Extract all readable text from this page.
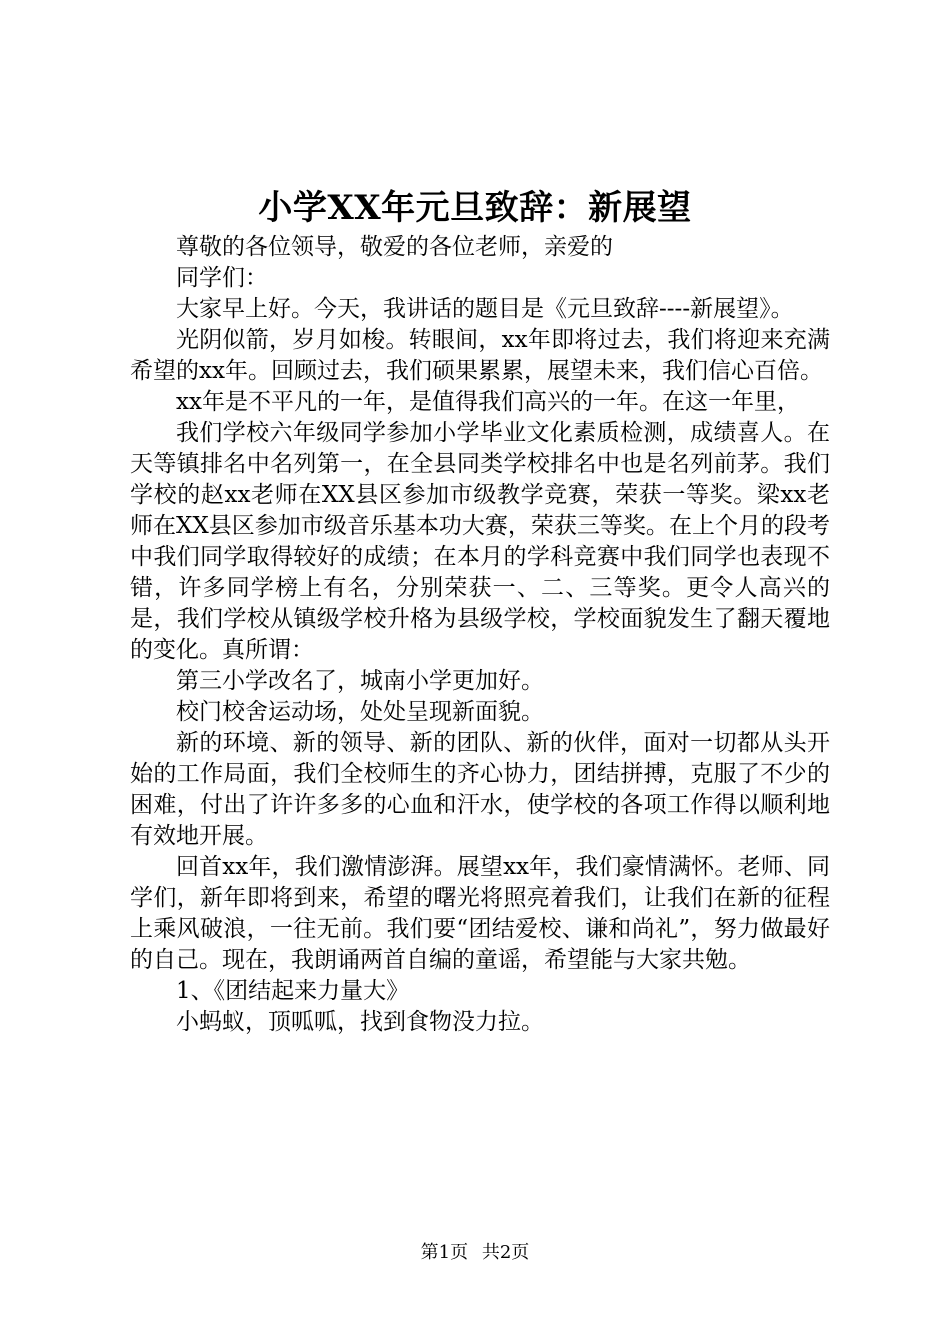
小学XX年元旦致辞：新展望

尊敬的各位领导，敬爱的各位老师，亲爱的

同学们：

大家早上好。今天，我讲话的题目是《元旦致辞----新展望》。

光阴似箭，岁月如梭。转眼间，xx年即将过去，我们将迎来充满希望的xx年。回顾过去，我们硕果累累，展望未来，我们信心百倍。

xx年是不平凡的一年，是值得我们高兴的一年。在这一年里，

我们学校六年级同学参加小学毕业文化素质检测，成绩喜人。在天等镇排名中名列第一，在全县同类学校排名中也是名列前茅。我们学校的赵xx老师在XX县区参加市级教学竞赛，荣获一等奖。梁xx老师在XX县区参加市级音乐基本功大赛，荣获三等奖。在上个月的段考中我们同学取得较好的成绩；在本月的学科竞赛中我们同学也表现不错，许多同学榜上有名，分别荣获一、二、三等奖。更令人高兴的是，我们学校从镇级学校升格为县级学校，学校面貌发生了翻天覆地的变化。真所谓：

第三小学改名了，城南小学更加好。

校门校舍运动场，处处呈现新面貌。

新的环境、新的领导、新的团队、新的伙伴，面对一切都从头开始的工作局面，我们全校师生的齐心协力，团结拼搏，克服了不少的困难，付出了许许多多的心血和汗水，使学校的各项工作得以顺利地有效地开展。

回首xx年，我们激情澎湃。展望xx年，我们豪情满怀。老师、同学们，新年即将到来，希望的曙光将照亮着我们，让我们在新的征程上乘风破浪，一往无前。我们要“团结爱校、谦和尚礼”，努力做最好的自己。现在，我朗诵两首自编的童谣，希望能与大家共勉。

1、《团结起来力量大》

小蚂蚁，顶呱呱，找到食物没力拉。

第1页 共2页
